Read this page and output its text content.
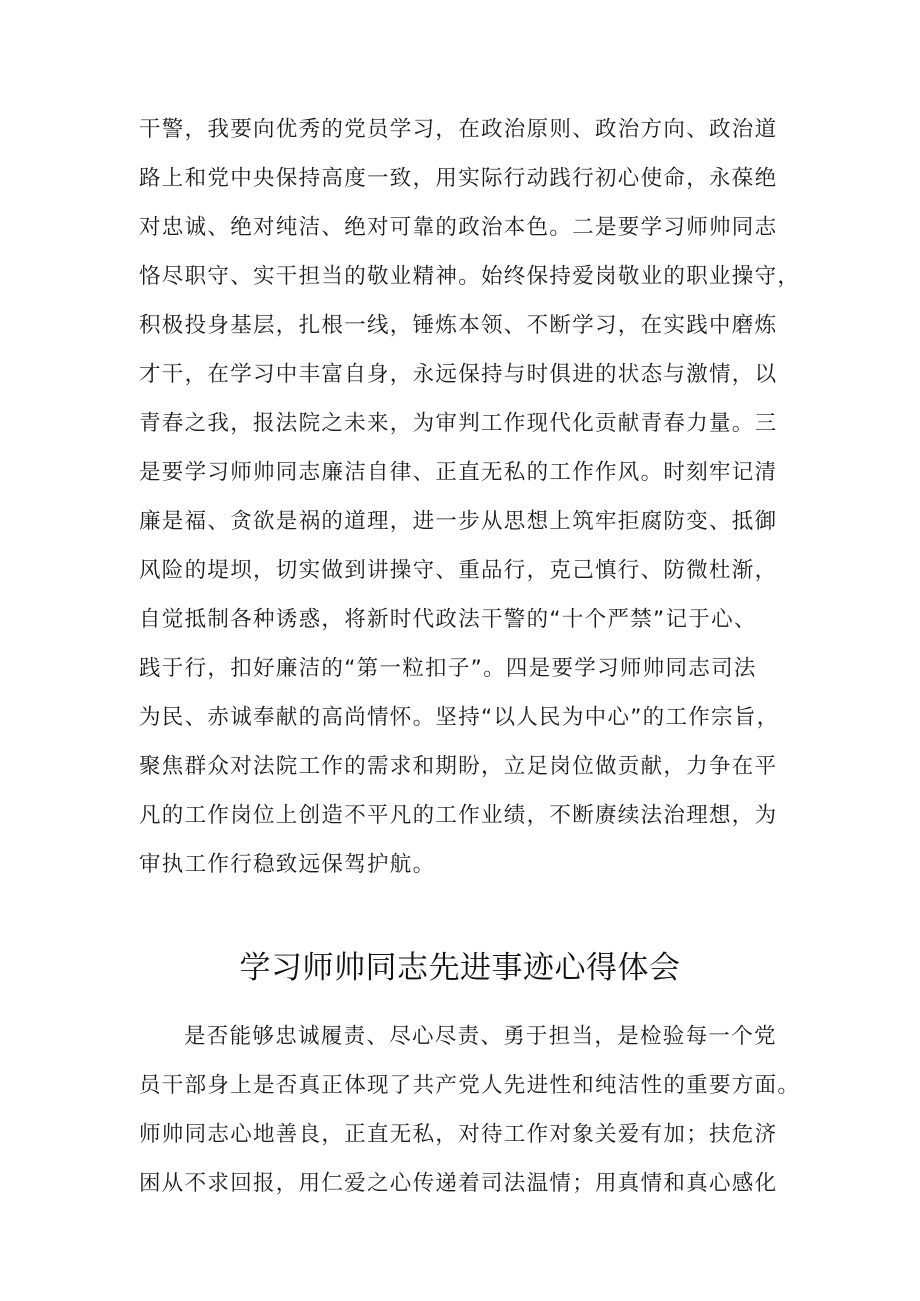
干警，我要向优秀的党员学习，在政治原则、政治方向、政治道
路上和党中央保持高度一致，用实际行动践行初心使命，永葆绝
对忠诚、绝对纯洁、绝对可靠的政治本色。二是要学习师帅同志
恪尽职守、实干担当的敬业精神。始终保持爱岗敬业的职业操守，
积极投身基层，扎根一线，锤炼本领、不断学习，在实践中磨炼
才干，在学习中丰富自身，永远保持与时俱进的状态与激情，以
青春之我，报法院之未来，为审判工作现代化贡献青春力量。三
是要学习师帅同志廉洁自律、正直无私的工作作风。时刻牢记清
廉是福、贪欲是祸的道理，进一步从思想上筑牢拒腐防变、抵御
风险的堤坝，切实做到讲操守、重品行，克己慎行、防微杜渐，
自觉抵制各种诱惑，将新时代政法干警的“十个严禁”记于心、
践于行，扣好廉洁的“第一粒扣子”。四是要学习师帅同志司法
为民、赤诚奉献的高尚情怀。坚持“以人民为中心”的工作宗旨，
聚焦群众对法院工作的需求和期盼，立足岗位做贡献，力争在平
凡的工作岗位上创造不平凡的工作业绩，不断赓续法治理想，为
审执工作行稳致远保驾护航。
学习师帅同志先进事迹心得体会
是否能够忠诚履责、尽心尽责、勇于担当，是检验每一个党
员干部身上是否真正体现了共产党人先进性和纯洁性的重要方面。
师帅同志心地善良，正直无私，对待工作对象关爱有加；扶危济
困从不求回报，用仁爱之心传递着司法温情；用真情和真心感化
